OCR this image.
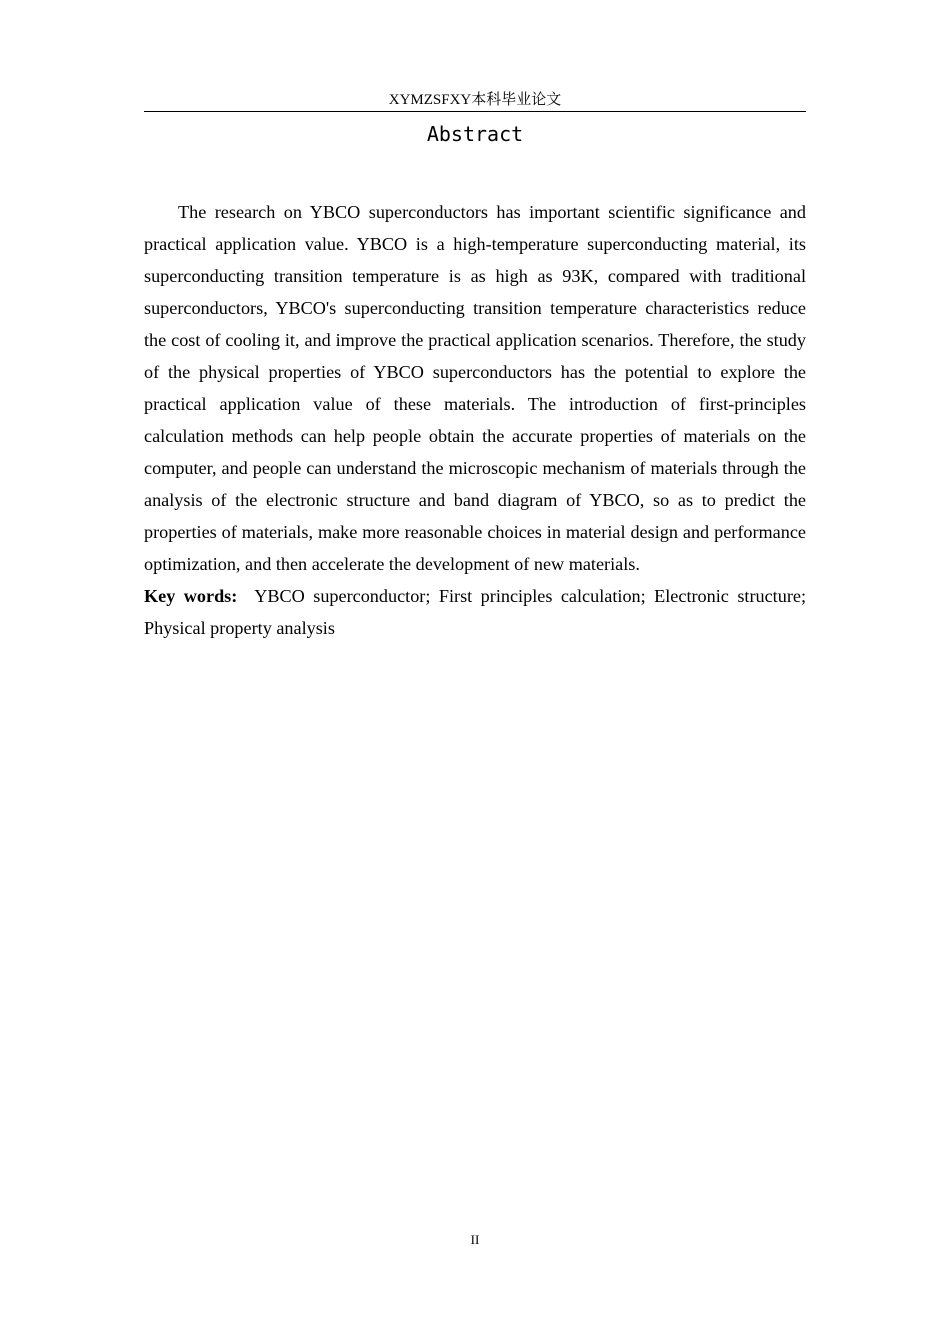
XYMZSFXY本科毕业论文
Abstract

The research on YBCO superconductors has important scientific significance and practical application value. YBCO is a high-temperature superconducting material, its superconducting transition temperature is as high as 93K, compared with traditional superconductors, YBCO's superconducting transition temperature characteristics reduce the cost of cooling it, and improve the practical application scenarios. Therefore, the study of the physical properties of YBCO superconductors has the potential to explore the practical application value of these materials. The introduction of first-principles calculation methods can help people obtain the accurate properties of materials on the computer, and people can understand the microscopic mechanism of materials through the analysis of the electronic structure and band diagram of YBCO, so as to predict the properties of materials, make more reasonable choices in material design and performance optimization, and then accelerate the development of new materials.

Key words: YBCO superconductor; First principles calculation; Electronic structure; Physical property analysis

II
